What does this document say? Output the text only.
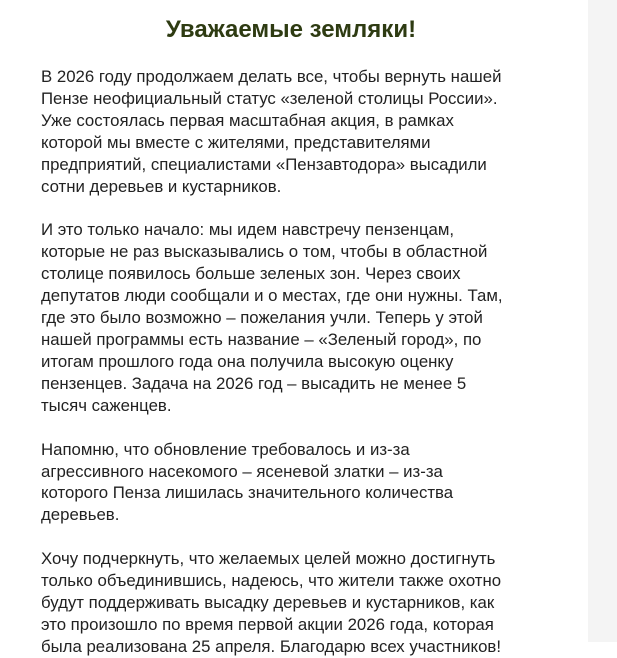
Уважаемые земляки!
В 2026 году продолжаем делать все, чтобы вернуть нашей
Пензе неофициальный статус «зеленой столицы России».
Уже состоялась первая масштабная акция, в рамках
которой мы вместе с жителями, представителями
предприятий, специалистами «Пензавтодора» высадили
сотни деревьев и кустарников.
И это только начало: мы идем навстречу пензенцам,
которые не раз высказывались о том, чтобы в областной
столице появилось больше зеленых зон. Через своих
депутатов люди сообщали и о местах, где они нужны. Там,
где это было возможно – пожелания учли. Теперь у этой
нашей программы есть название – «Зеленый город», по
итогам прошлого года она получила высокую оценку
пензенцев. Задача на 2026 год – высадить не менее 5
тысяч саженцев.
Напомню, что обновление требовалось и из-за
агрессивного насекомого – ясеневой златки – из-за
которого Пенза лишилась значительного количества
деревьев.
Хочу подчеркнуть, что желаемых целей можно достигнуть
только объединившись, надеюсь, что жители также охотно
будут поддерживать высадку деревьев и кустарников, как
это произошло по время первой акции 2026 года, которая
была реализована 25 апреля. Благодарю всех участников!
